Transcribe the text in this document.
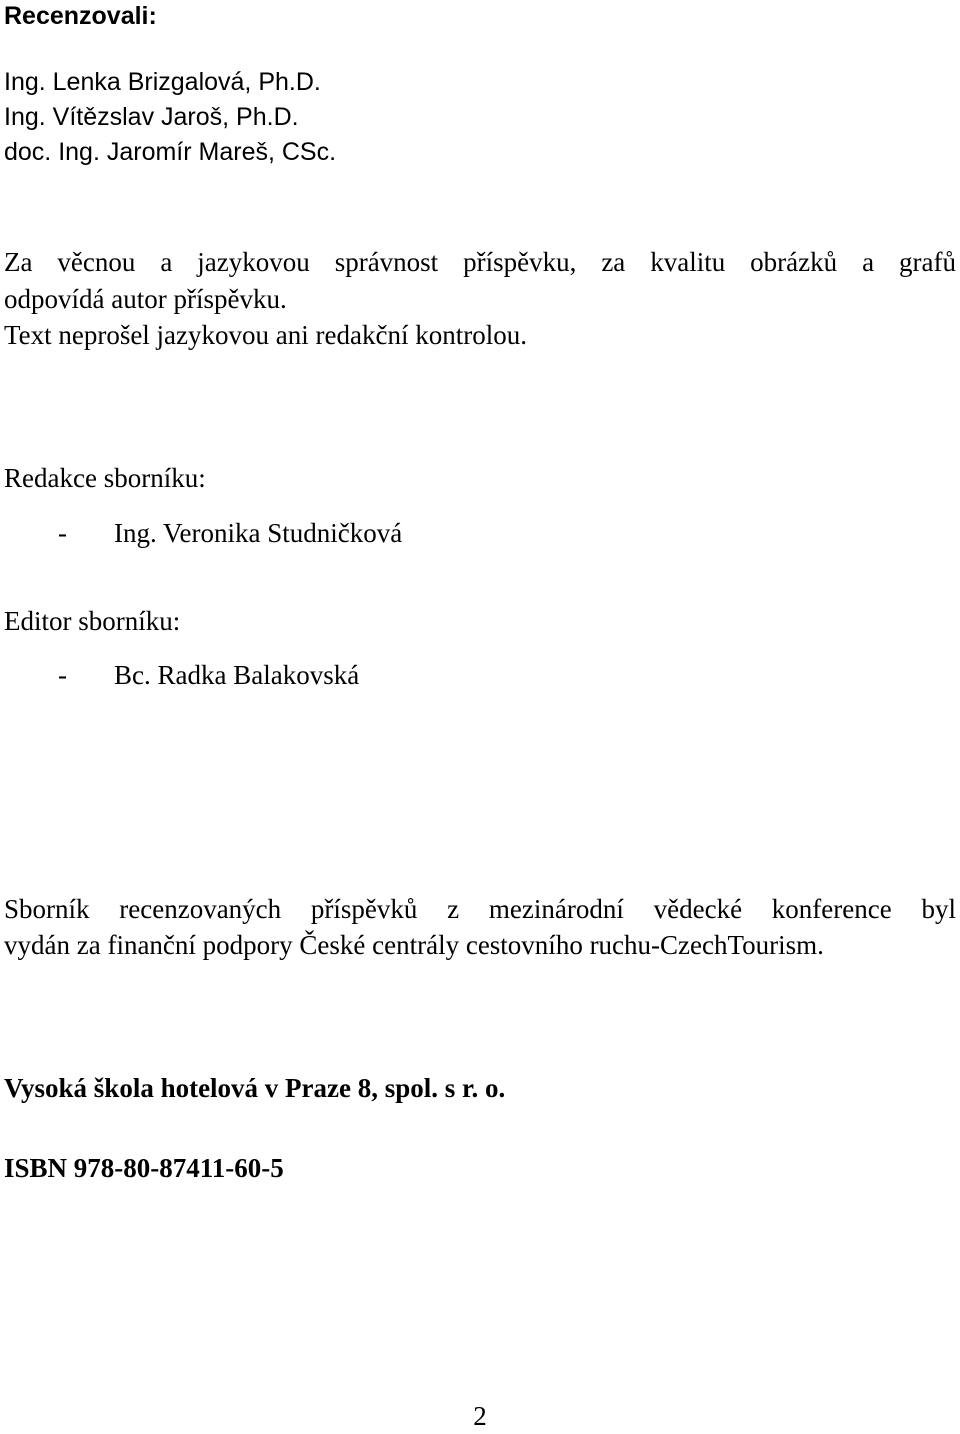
Recenzovali:
Ing. Lenka Brizgalová, Ph.D.
Ing. Vítězslav Jaroš, Ph.D.
doc. Ing. Jaromír Mareš, CSc.
Za věcnou a jazykovou správnost příspěvku, za kvalitu obrázků a grafů
odpovídá autor příspěvku.
Text neprošel jazykovou ani redakční kontrolou.
Redakce sborníku:
- Ing. Veronika Studničková
Editor sborníku:
- Bc. Radka Balakovská
Sborník recenzovaných příspěvků z mezinárodní vědecké konference byl
vydán za finanční podpory České centrály cestovního ruchu-CzechTourism.
Vysoká škola hotelová v Praze 8, spol. s r. o.
ISBN 978-80-87411-60-5
2
